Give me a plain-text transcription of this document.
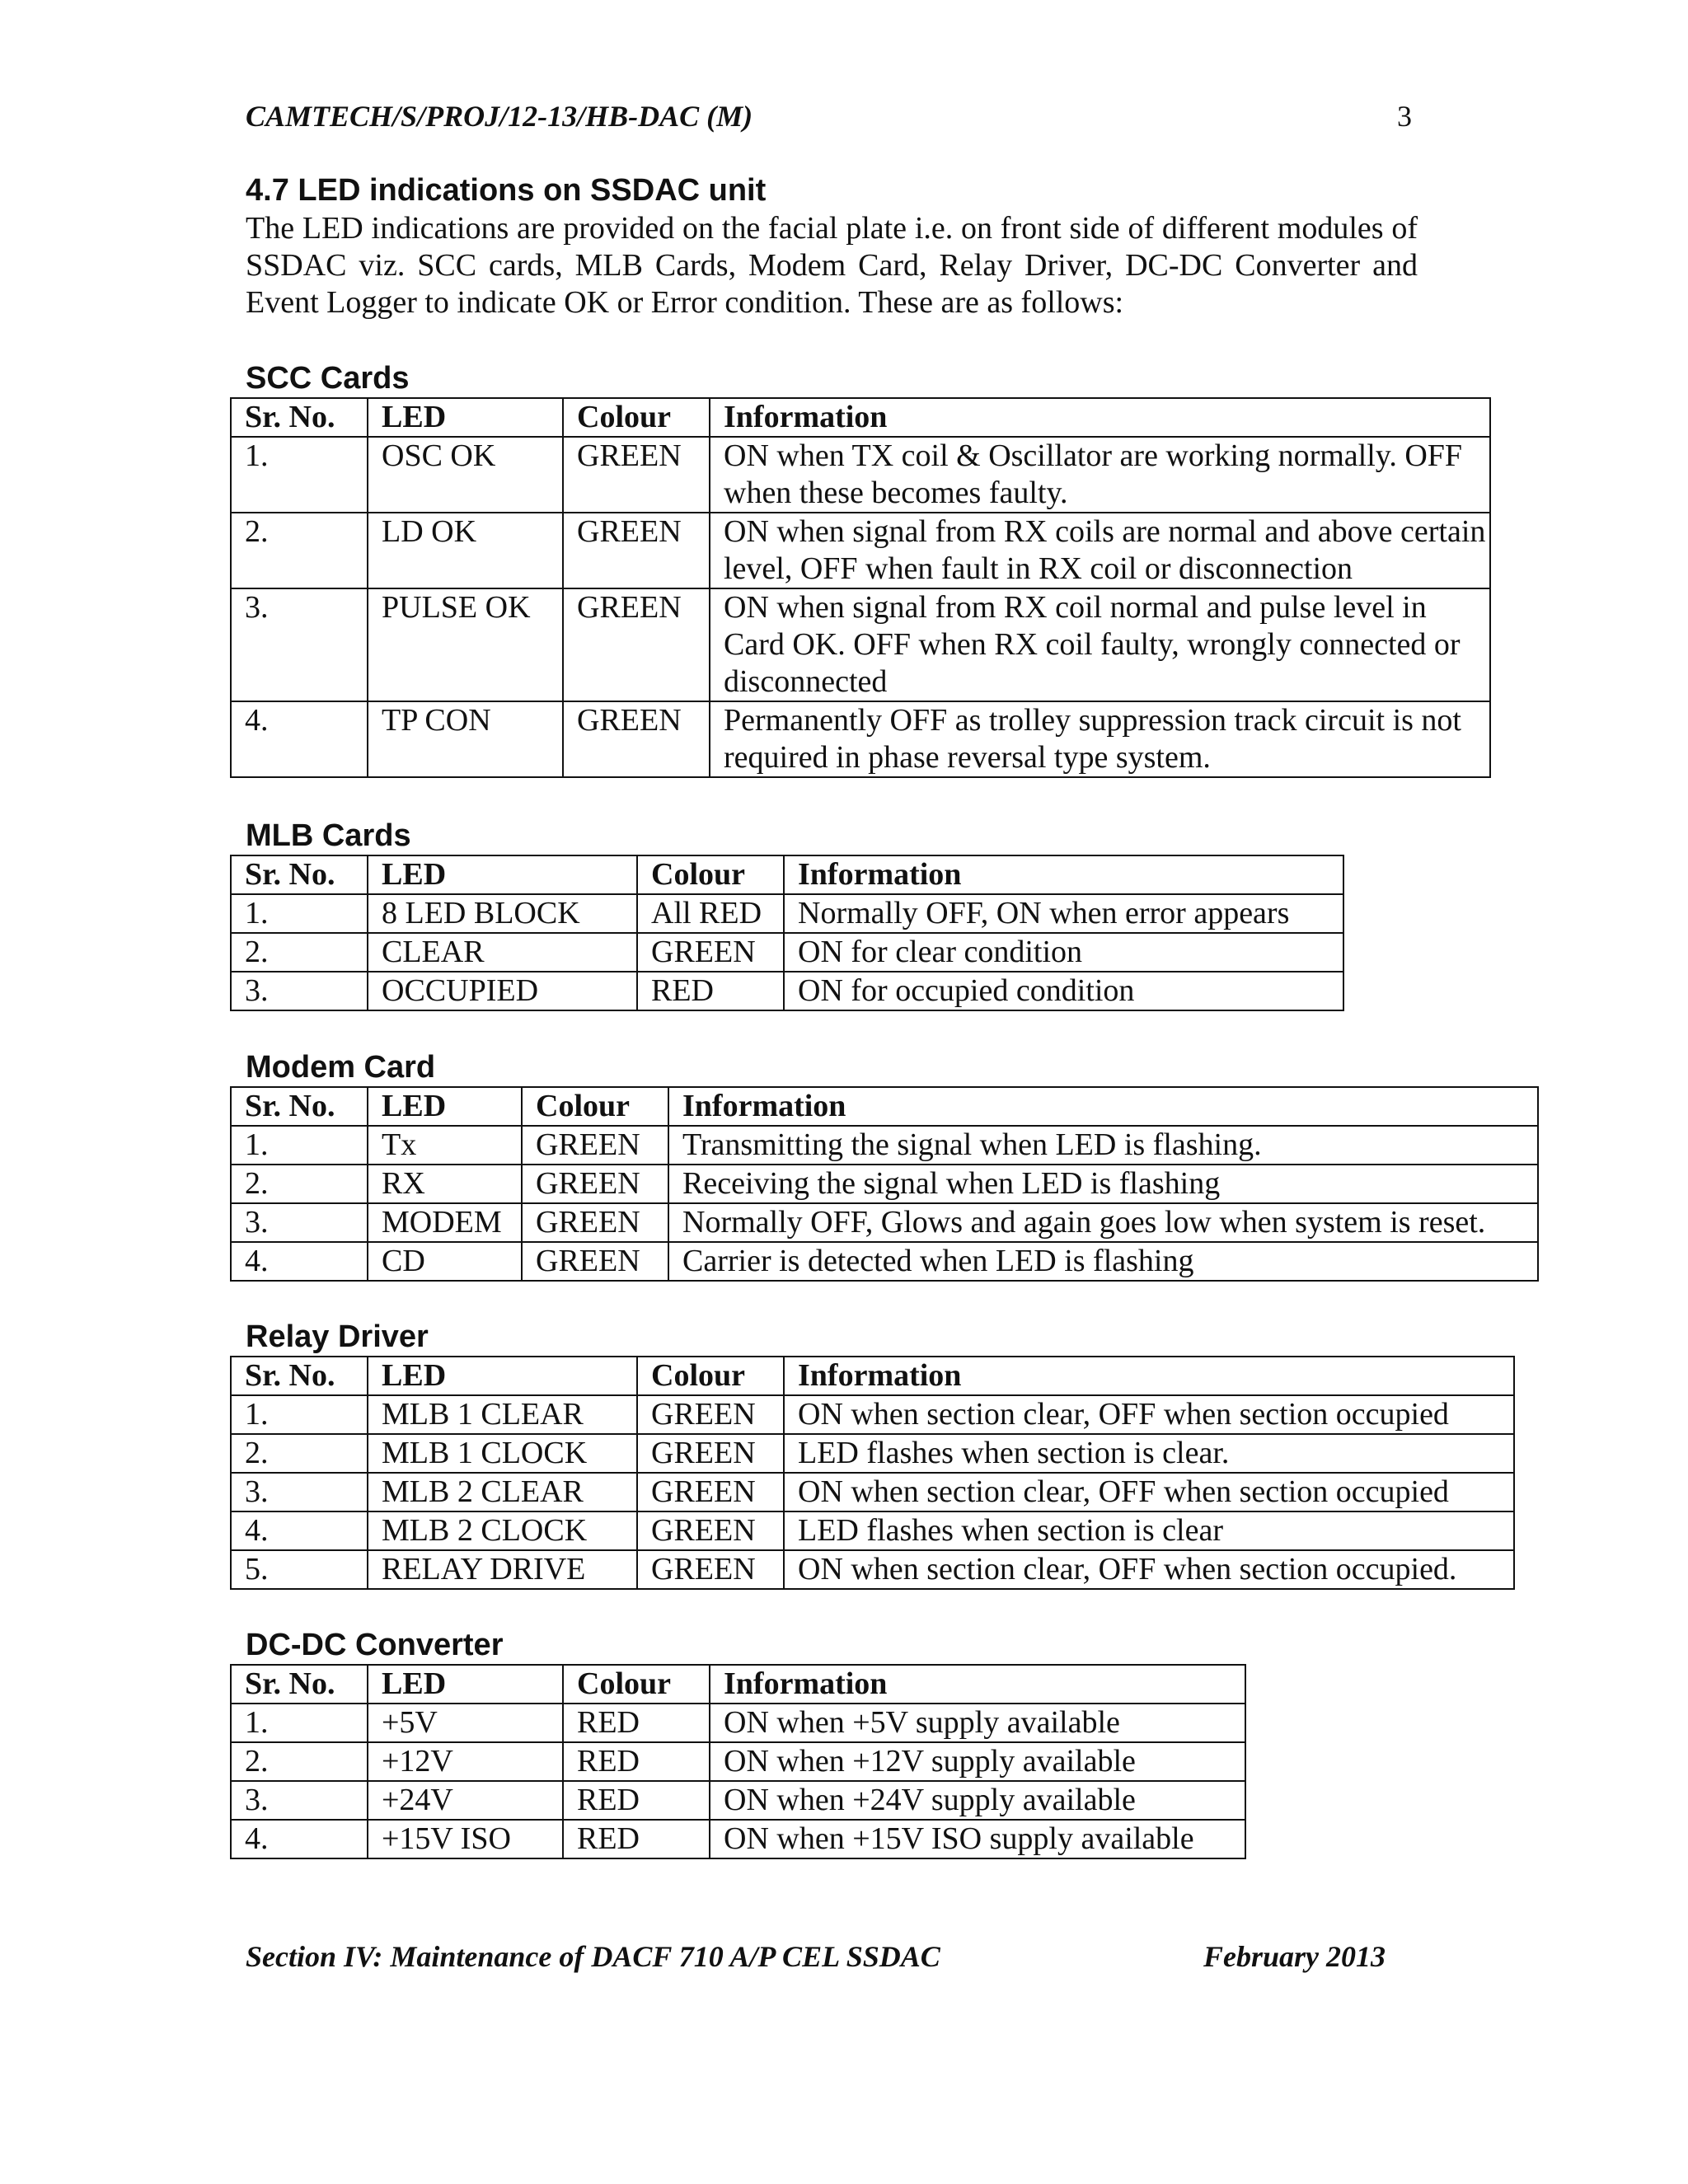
CAMTECH/S/PROJ/12-13/HB-DAC (M)	3
4.7 LED indications on SSDAC unit
The LED indications are provided on the facial plate i.e. on front side of different modules of SSDAC viz. SCC cards, MLB Cards, Modem Card, Relay Driver, DC-DC Converter and Event Logger to indicate OK or Error condition. These are as follows:
SCC Cards
Sr. No.	LED	Colour	Information
1.	OSC OK	GREEN	ON when TX coil & Oscillator are working normally. OFF when these becomes faulty.
2.	LD OK	GREEN	ON when signal from RX coils are normal and above certain level, OFF when fault in RX coil or disconnection
3.	PULSE OK	GREEN	ON when signal from RX coil normal and pulse level in Card OK. OFF when RX coil faulty, wrongly connected or disconnected
4.	TP CON	GREEN	Permanently OFF as trolley suppression track circuit is not required in phase reversal type system.
MLB Cards
Sr. No.	LED	Colour	Information
1.	8 LED BLOCK	All RED	Normally OFF, ON when error appears
2.	CLEAR	GREEN	ON for clear condition
3.	OCCUPIED	RED	ON for occupied condition
Modem Card
Sr. No.	LED	Colour	Information
1.	Tx	GREEN	Transmitting the signal when LED is flashing.
2.	RX	GREEN	Receiving the signal when LED is flashing
3.	MODEM	GREEN	Normally OFF, Glows and again goes low when system is reset.
4.	CD	GREEN	Carrier is detected when LED is flashing
Relay Driver
Sr. No.	LED	Colour	Information
1.	MLB 1 CLEAR	GREEN	ON when section clear, OFF when section occupied
2.	MLB 1 CLOCK	GREEN	LED flashes when section is clear.
3.	MLB 2 CLEAR	GREEN	ON when section clear, OFF when section occupied
4.	MLB 2 CLOCK	GREEN	LED flashes when section is clear
5.	RELAY DRIVE	GREEN	ON when section clear, OFF when section occupied.
DC-DC Converter
Sr. No.	LED	Colour	Information
1.	+5V	RED	ON when +5V supply available
2.	+12V	RED	ON when +12V supply available
3.	+24V	RED	ON when +24V supply available
4.	+15V ISO	RED	ON when +15V ISO supply available
Section IV: Maintenance of DACF 710 A/P CEL SSDAC	February 2013
